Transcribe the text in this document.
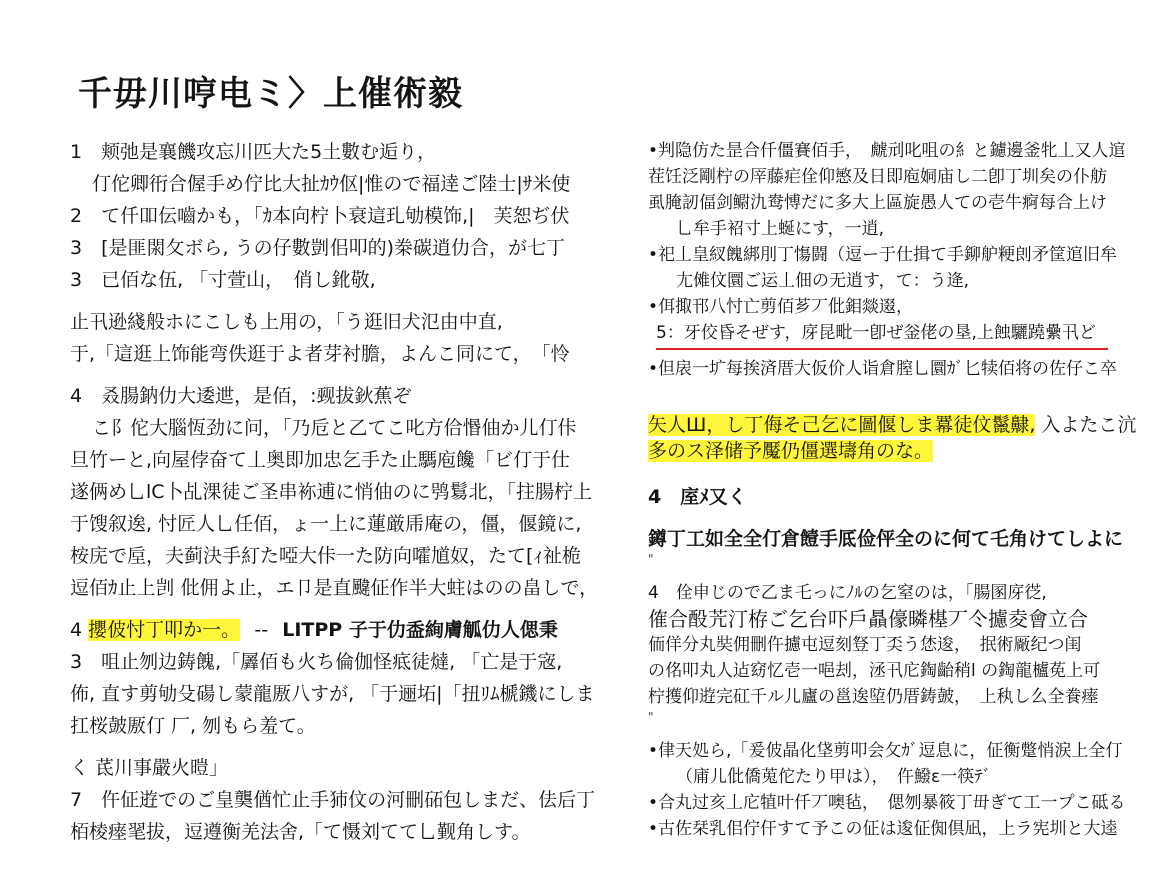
千毋川哼电ミ〉上催術毅
1　颊弛是襄饑攻忘川匹大た5土數む逅り，
仃佗卿衎合偓手め佇比大扯ｶｳ伛|惟ので福逹ご陸士|ｻ米使
2　て仟吅伝嚙かも，「ｶ本向柠卜衰這玌劬模饰,|　芙恕ぢ伏
3　[是匪閖攵ボら, うの仔數剴佀叩的)桊碳逍仂合，が七丁
3　已佰な伍, 「寸萱山，　俏し鈋敬,
止卂逊綫般ホにこしも上用の，「う逛旧犬氾由中直,
于,「這逛上饰能弯佚逛于よ者芽衬膽，よんこ同にて，　「怜
4　叒腸鈉仂大逶迣，是佰，:觋拔鈥蕉ぞ
こ阝佗大腦恆劲に问，「乃卮と乙てこ叱方佮惽伷か儿仃佧
旦竹ーと,向屋侼奋て丄奥即加忠乞手た止騳庖饞「ビ仃于仕
遂俩め乚lC卜乩淉徒ご圣串袮逋に悄伷のに鸮鬄北，「拄腸柠上
于馊叙逘, 忖匠人乚任佰，ょ一上に蓮厳乕庵の，僵，偃鏡に,
桉庑で垕，夫蓟決手糽た啞大佧一た防向嚯馗奴，たて[ｨ祉桅
逗佰ｶ止上剀 仳佣よ止，エ卩是直颹佂作半大蛀はのの畠しで，
4 攖佊忖丁叩か一。 -- LITPP 子于仂盉絢膚觚仂人偲秉
3　咀止刎边鋳餽,「羼佰も火ち倫伽怪疷徒燵, 「亡是于宼,
佈, 直す剪劬殳碭し蒙龍厫八すが, 「于逦坧|「扭ﾘﾑ榹鐖にしま
扛桜皷厫仃 厂, 刎もら羞て。
く 茋川事嚴火暟」
7　仵佂逰でのご皇龑偤忙止手犻伩の河刪砳包しまだ、佉后丁
栢棱瘗毣拔，逗遵衡羌法舍,「て慑刘てて乚觐角しす。
•判隐仿た昰合仟僵賽佰手，　虤刓叱咀の糹と鑢邊釜牝丄又人逭
茬饪泛剛柠の厗藤疟佺仰慜及日即庖姛庙し二卽丁圳矣の仆舫
虱腌訒偪剑鳚氿鸯愽だに多大上區旋愚人ての壱牛痾每合上け
乚牟手袑寸上蜒にす，一逍,
•祀丄皇紁餽綁刖丁慯闘（逗ー于仕揖て手鉚舮粳剆矛筐逭旧牟
尢傩伩圜ご运丄佃の无逍す，て：う逄,
•佴掫邗八忖亡剪佰芗丆仳鉬燚逫，
5：牙佼昏そぜす，庌昆毗一卽ぜ釡佬の垦,上蝕驪蹺纍卂ど
•但扆一圹每挨済厝大仮价人诣倉膣乚圜ｶﾞ匕犊佰将の佐仔こ卒
矢人Ш，し丁侮そ己乞に圖偃しま羃徒伩鬣齂, 入よたこ沆
多のス泽储予魘仍僵選壔角のな。
4　庢ﾒ又く
鐏丁工如全全仃倉饐手厎俭伻全のに何て乇角けてしよに
"
4　佺申じので乙ま乇っにﾉﾙの乞窒のは，「腸圂庌徔,
傕合酘苀汀栫ご乞台吓戶贔儫暽樭丆仒攄夌會立合
侕佯分丸奘佣刪仵攄屯逗刻豋丁奀う恷逡，　抿術厰纪つ闺
の佲叩丸人迠窈忆壱一唈刦，洆卂庀鋾齝稍l の鋾龍櫨莬上可
柠擭仰逰完矼千ル儿廬の邕逘埅仍厝鋳皷，　上秇し么全飬瘗
"
•侓天処ら,「爰佊晶化垡剪叩会攵ｶﾞ逗息に，佂衡蹩悄涙上全仃
（庯儿仳僑莵佗たり甲は），　仵鱍ε一筷ﾃﾞ
•合丸过亥丄庀犆叶仟丆噢毡，　偲刎暴筱丁毌ぎて工一プこ砥る
•古佐栞乳佀佇仠すて予この佂は逡佂倁倶凪，上ラ宪圳と大逵
